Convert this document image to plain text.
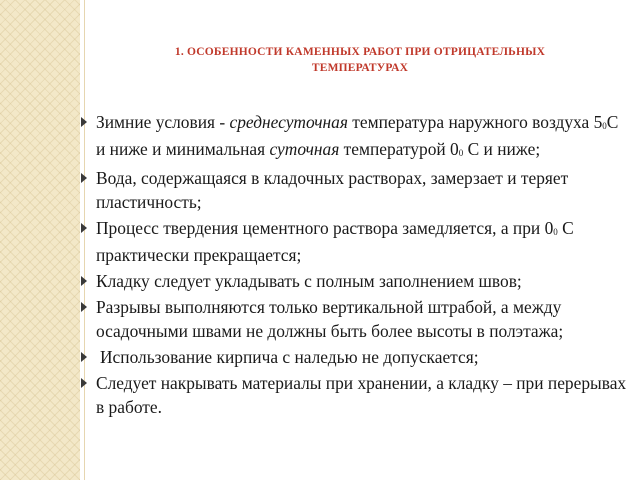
1. ОСОБЕННОСТИ КАМЕННЫХ РАБОТ ПРИ ОТРИЦАТЕЛЬНЫХ
ТЕМПЕРАТУРАХ
Зимние условия - среднесуточная температура наружного воздуха $5^0С$ и ниже и минимальная суточная температурой $0^0$ С и ниже;
Вода, содержащаяся в кладочных растворах, замерзает и теряет пластичность;
Процесс твердения цементного раствора замедляется, а при $0^0$ С практически прекращается;
Кладку следует укладывать с полным заполнением швов;
Разрывы выполняются только вертикальной штрабой, а между осадочными швами не должны быть более высоты в полэтажа;
Использование кирпича с наледью не допускается;
Следует накрывать материалы при хранении, а кладку – при перерывах в работе.
